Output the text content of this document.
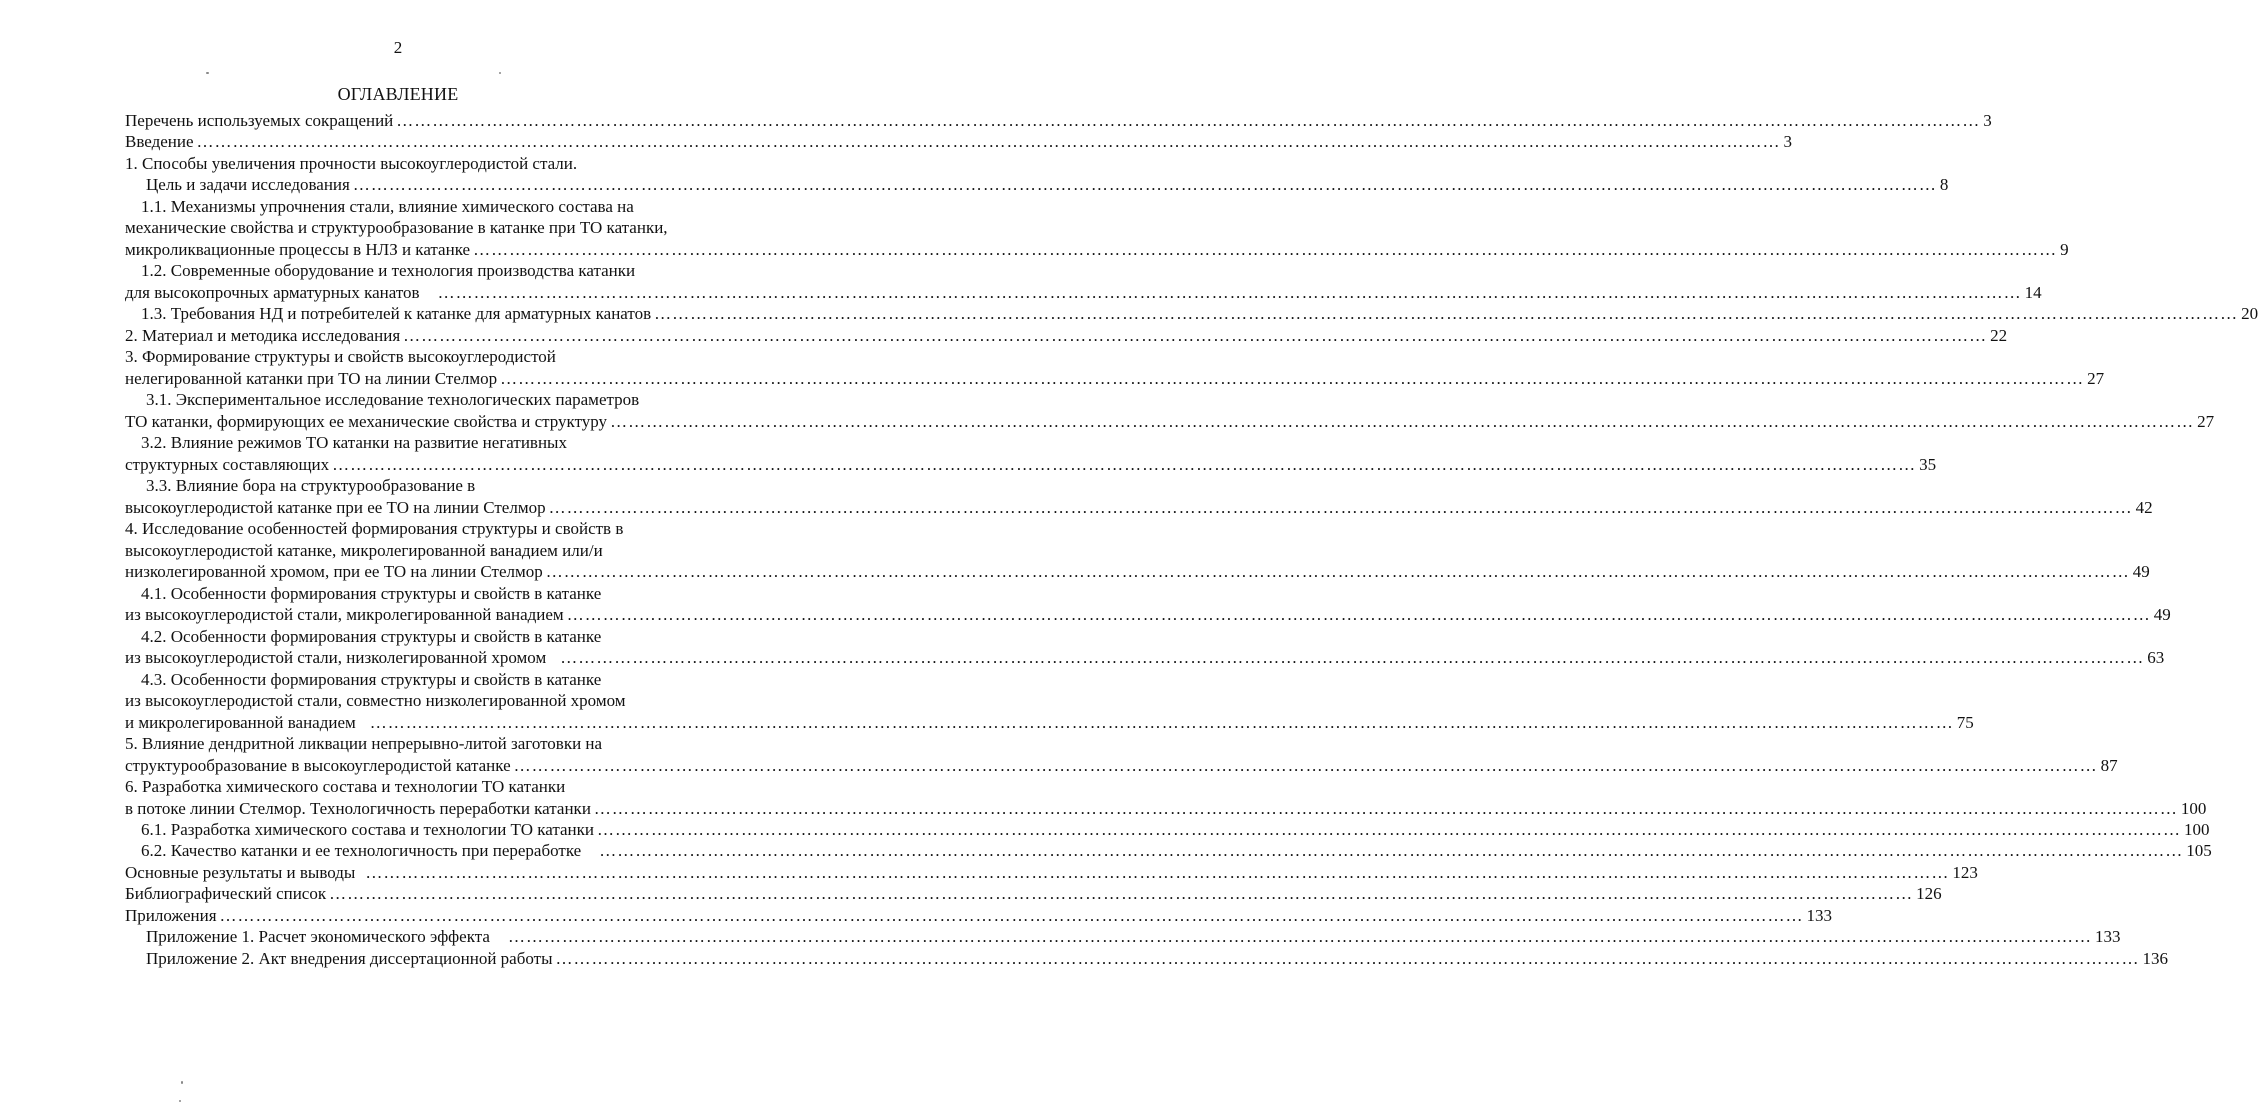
2
ОГЛАВЛЕНИЕ
Перечень используемых сокращений ………………………………………………………………………………………………………………………………………………………………………………………………………………………………………… 3
Введение ………………………………………………………………………………………………………………………………………………………………………………………………………………………………………… 3
1. Способы увеличения прочности высокоуглеродистой стали.
Цель и задачи исследования ………………………………………………………………………………………………………………………………………………………………………………………………………………………………………… 8
1.1. Механизмы упрочнения стали, влияние химического состава на
механические свойства и структурообразование в катанке при ТО катанки,
микроликвационные процессы в НЛЗ и катанке ………………………………………………………………………………………………………………………………………………………………………………………………………………………………………… 9
1.2. Современные оборудование и технология производства катанки
для высокопрочных арматурных канатов ………………………………………………………………………………………………………………………………………………………………………………………………………………………………………… 14
1.3. Требования НД и потребителей к катанке для арматурных канатов ………………………………………………………………………………………………………………………………………………………………………………………………………………………………………… 20
2. Материал и методика исследования ………………………………………………………………………………………………………………………………………………………………………………………………………………………………………… 22
3. Формирование структуры и свойств высокоуглеродистой
нелегированной катанки при ТО на линии Стелмор ………………………………………………………………………………………………………………………………………………………………………………………………………………………………………… 27
3.1. Экспериментальное исследование технологических параметров
ТО катанки, формирующих ее механические свойства и структуру ………………………………………………………………………………………………………………………………………………………………………………………………………………………………………… 27
3.2. Влияние режимов ТО катанки на развитие негативных
структурных составляющих ………………………………………………………………………………………………………………………………………………………………………………………………………………………………………… 35
3.3. Влияние бора на структурообразование в
высокоуглеродистой катанке при ее ТО на линии Стелмор ………………………………………………………………………………………………………………………………………………………………………………………………………………………………………… 42
4. Исследование особенностей формирования структуры и свойств в
высокоуглеродистой катанке, микролегированной ванадием или/и
низколегированной хромом, при ее ТО на линии Стелмор ………………………………………………………………………………………………………………………………………………………………………………………………………………………………………… 49
4.1. Особенности формирования структуры и свойств в катанке
из высокоуглеродистой стали, микролегированной ванадием ………………………………………………………………………………………………………………………………………………………………………………………………………………………………………… 49
4.2. Особенности формирования структуры и свойств в катанке
из высокоуглеродистой стали, низколегированной хромом ………………………………………………………………………………………………………………………………………………………………………………………………………………………………………… 63
4.3. Особенности формирования структуры и свойств в катанке
из высокоуглеродистой стали, совместно низколегированной хромом
и микролегированной ванадием ………………………………………………………………………………………………………………………………………………………………………………………………………………………………………… 75
5. Влияние дендритной ликвации непрерывно-литой заготовки на
структурообразование в высокоуглеродистой катанке ………………………………………………………………………………………………………………………………………………………………………………………………………………………………………… 87
6. Разработка химического состава и технологии ТО катанки
в потоке линии Стелмор. Технологичность переработки катанки ………………………………………………………………………………………………………………………………………………………………………………………………………………………………………… 100
6.1. Разработка химического состава и технологии ТО катанки ………………………………………………………………………………………………………………………………………………………………………………………………………………………………………… 100
6.2. Качество катанки и ее технологичность при переработке ………………………………………………………………………………………………………………………………………………………………………………………………………………………………………… 105
Основные результаты и выводы ………………………………………………………………………………………………………………………………………………………………………………………………………………………………………… 123
Библиографический список ………………………………………………………………………………………………………………………………………………………………………………………………………………………………………… 126
Приложения ………………………………………………………………………………………………………………………………………………………………………………………………………………………………………… 133
Приложение 1. Расчет экономического эффекта ………………………………………………………………………………………………………………………………………………………………………………………………………………………………………… 133
Приложение 2. Акт внедрения диссертационной работы ………………………………………………………………………………………………………………………………………………………………………………………………………………………………………… 136
